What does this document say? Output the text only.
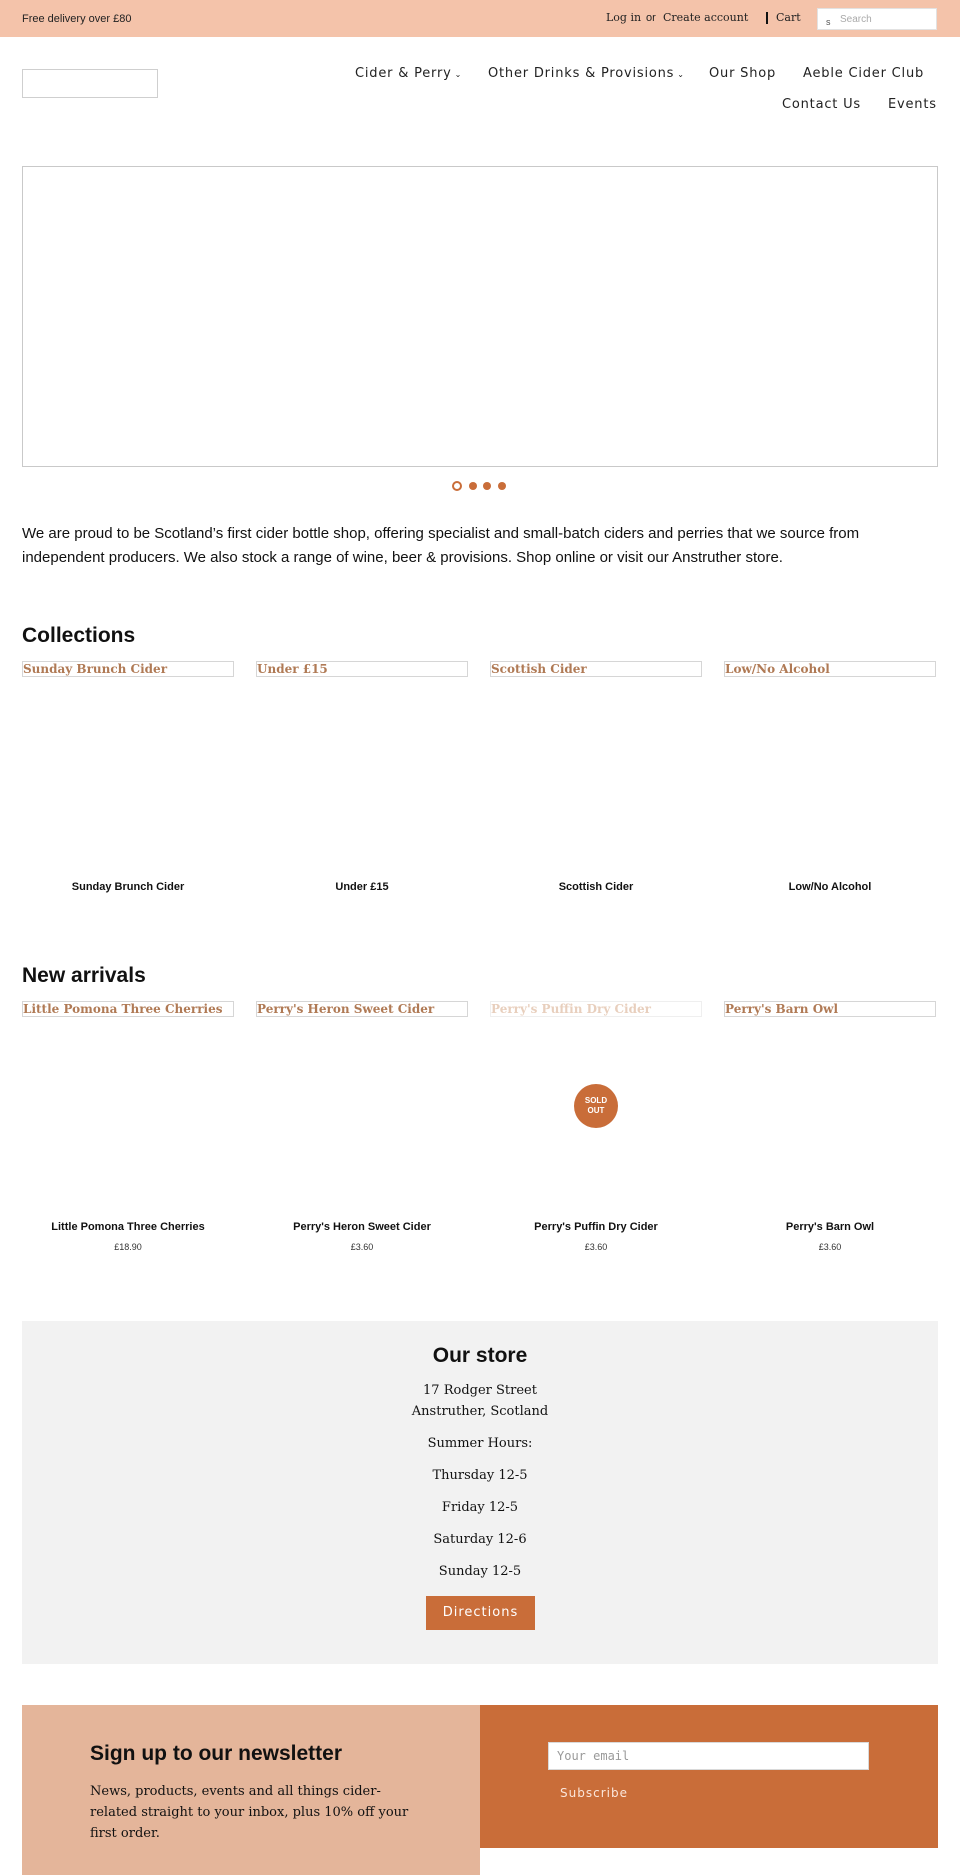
Free delivery over £80	Log in or Create account	Cart	s
Search
Cider & Perry ⌄ Other Drinks & Provisions ⌄ Our Shop Aeble Cider Club
Contact Us Events

We are proud to be Scotland’s first cider bottle shop, offering specialist and small-batch ciders and perries that we source from independent producers. We also stock a range of wine, beer & provisions. Shop online or visit our Anstruther store.

Collections
Sunday Brunch Cider	Under £15	Scottish Cider	Low/No Alcohol
Sunday Brunch Cider	Under £15	Scottish Cider	Low/No Alcohol
New arrivals
Little Pomona Three Cherries	Perry's Heron Sweet Cider	Perry's Puffin Dry Cider	Perry's Barn Owl
SOLD
OUT
Little Pomona Three Cherries	Perry's Heron Sweet Cider	Perry's Puffin Dry Cider	Perry's Barn Owl
£18.90	£3.60	£3.60	£3.60
Our store
17 Rodger Street
Anstruther, Scotland
Summer Hours:
Thursday 12-5
Friday 12-5
Saturday 12-6
Sunday 12-5
Directions
Sign up to our newsletter

News, products, events and all things cider-related straight to your inbox, plus 10% off your first order.

Your email
Subscribe
